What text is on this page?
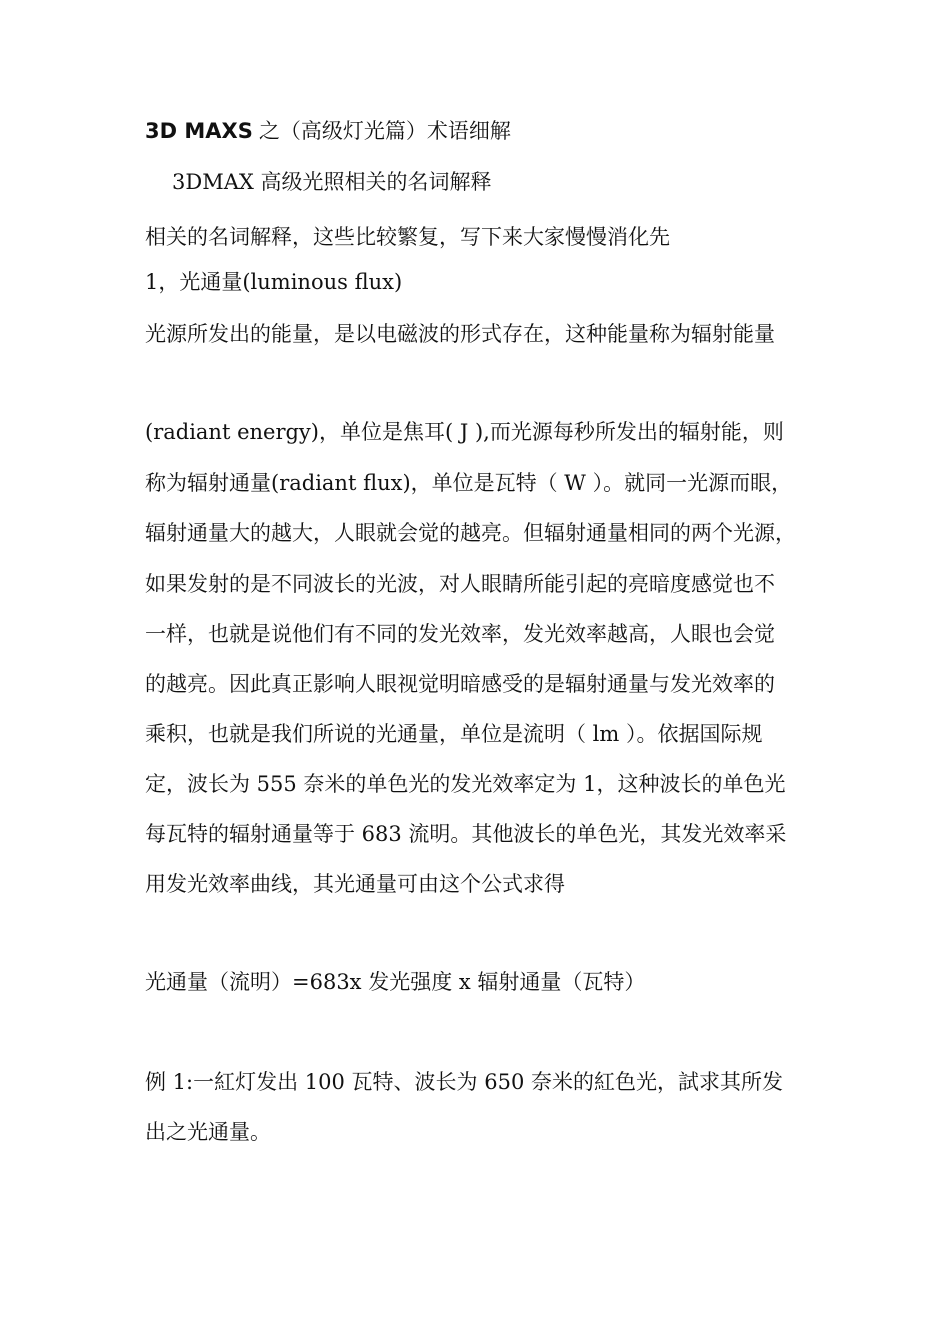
3D MAXS 之（高级灯光篇）术语细解
3DMAX 高级光照相关的名词解释
相关的名词解释，这些比较繁复，写下来大家慢慢消化先
1，光通量(luminous flux)
光源所发出的能量，是以电磁波的形式存在，这种能量称为辐射能量
(radiant energy)，单位是焦耳( J ),而光源每秒所发出的辐射能，则
称为辐射通量(radiant flux)，单位是瓦特（ W ）。就同一光源而眼，
辐射通量大的越大，人眼就会觉的越亮。但辐射通量相同的两个光源，
如果发射的是不同波长的光波，对人眼睛所能引起的亮暗度感觉也不
一样，也就是说他们有不同的发光效率，发光效率越高，人眼也会觉
的越亮。因此真正影响人眼视觉明暗感受的是辐射通量与发光效率的
乘积，也就是我们所说的光通量，单位是流明（ lm ）。依据国际规
定，波长为 555 奈米的单色光的发光效率定为 1，这种波长的单色光
每瓦特的辐射通量等于 683 流明。其他波长的单色光，其发光效率采
用发光效率曲线，其光通量可由这个公式求得
光通量（流明）=683x 发光强度 x 辐射通量（瓦特）
例 1:一紅灯发出 100 瓦特、波长为 650 奈米的紅色光，試求其所发
出之光通量。
